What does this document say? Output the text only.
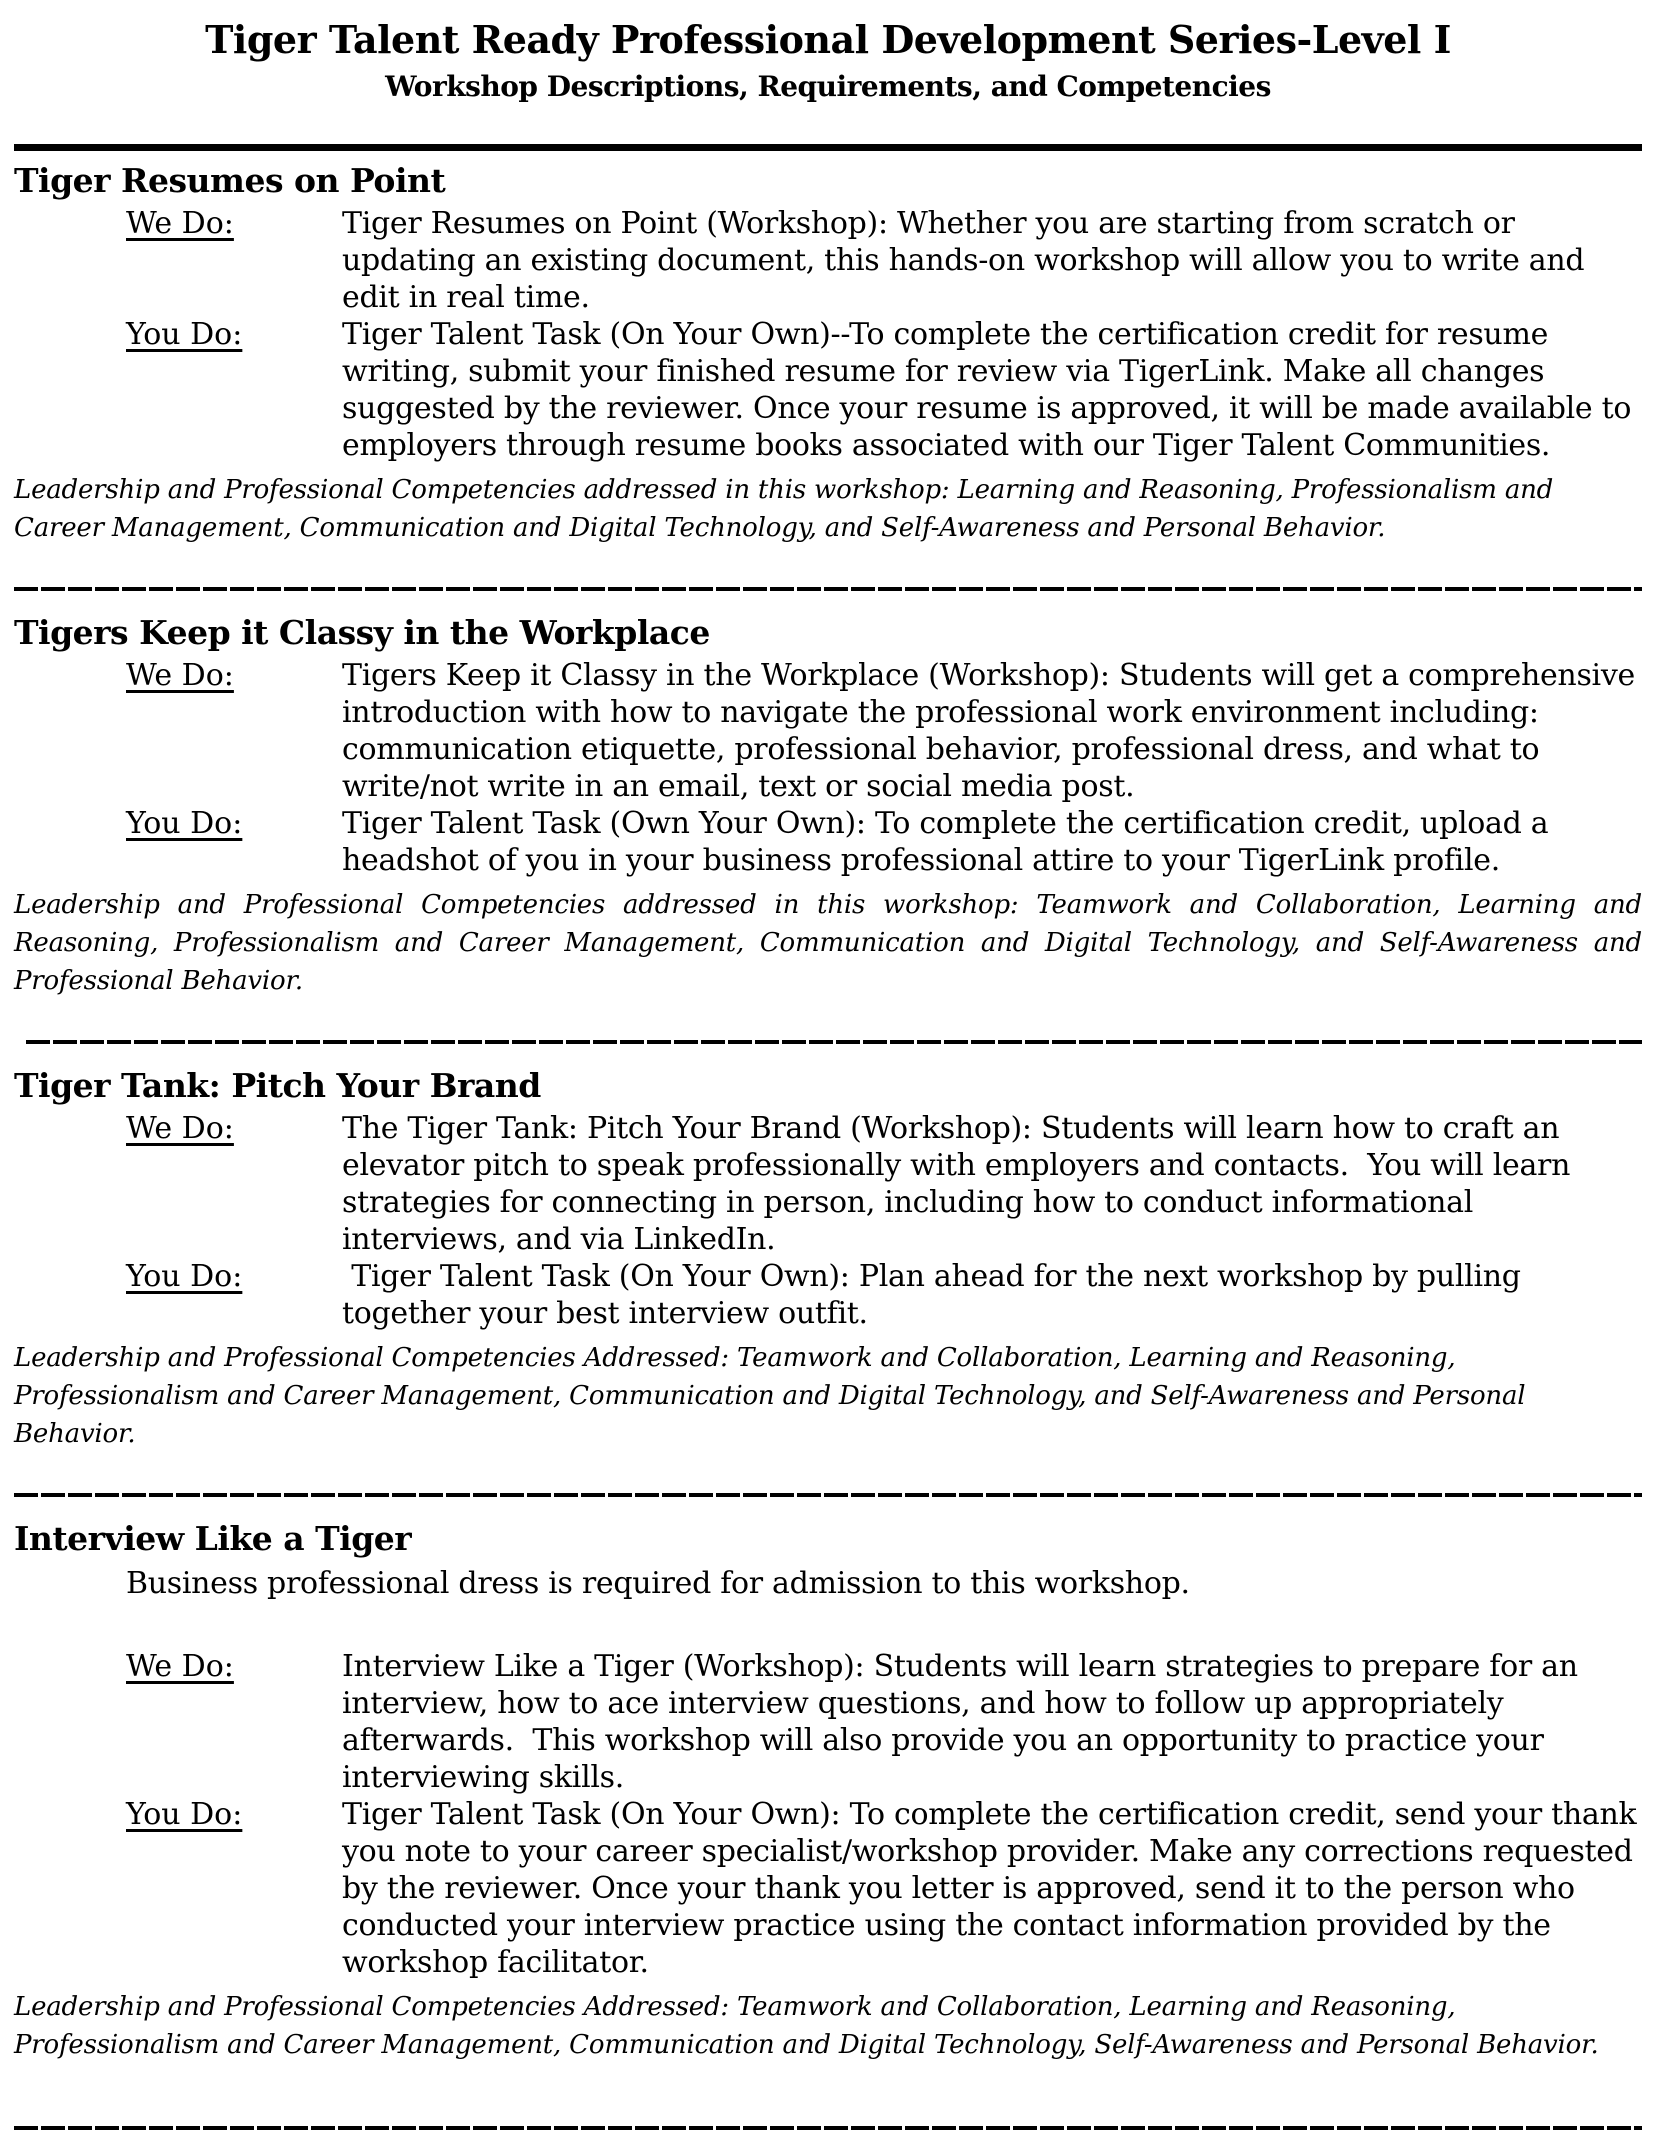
Tiger Talent Ready Professional Development Series-Level I
Workshop Descriptions, Requirements, and Competencies
Tiger Resumes on Point
We Do:	Tiger Resumes on Point (Workshop): Whether you are starting from scratch or updating an existing document, this hands-on workshop will allow you to write and edit in real time.
You Do:	Tiger Talent Task (On Your Own)--To complete the certification credit for resume writing, submit your finished resume for review via TigerLink. Make all changes suggested by the reviewer. Once your resume is approved, it will be made available to employers through resume books associated with our Tiger Talent Communities.

Leadership and Professional Competencies addressed in this workshop: Learning and Reasoning, Professionalism and Career Management, Communication and Digital Technology, and Self-Awareness and Personal Behavior.

Tigers Keep it Classy in the Workplace
We Do:	Tigers Keep it Classy in the Workplace (Workshop): Students will get a comprehensive introduction with how to navigate the professional work environment including: communication etiquette, professional behavior, professional dress, and what to write/not write in an email, text or social media post.
You Do:	Tiger Talent Task (Own Your Own): To complete the certification credit, upload a headshot of you in your business professional attire to your TigerLink profile.

Leadership and Professional Competencies addressed in this workshop: Teamwork and Collaboration, Learning and Reasoning, Professionalism and Career Management, Communication and Digital Technology, and Self-Awareness and Professional Behavior.

Tiger Tank: Pitch Your Brand
We Do:	The Tiger Tank: Pitch Your Brand (Workshop): Students will learn how to craft an elevator pitch to speak professionally with employers and contacts.  You will learn strategies for connecting in person, including how to conduct informational interviews, and via LinkedIn.
You Do:	Tiger Talent Task (On Your Own): Plan ahead for the next workshop by pulling together your best interview outfit.

Leadership and Professional Competencies Addressed: Teamwork and Collaboration, Learning and Reasoning, Professionalism and Career Management, Communication and Digital Technology, and Self-Awareness and Personal Behavior.

Interview Like a Tiger

Business professional dress is required for admission to this workshop.

We Do:	Interview Like a Tiger (Workshop): Students will learn strategies to prepare for an interview, how to ace interview questions, and how to follow up appropriately afterwards.  This workshop will also provide you an opportunity to practice your interviewing skills.
You Do:	Tiger Talent Task (On Your Own): To complete the certification credit, send your thank you note to your career specialist/workshop provider. Make any corrections requested by the reviewer. Once your thank you letter is approved, send it to the person who conducted your interview practice using the contact information provided by the workshop facilitator.

Leadership and Professional Competencies Addressed: Teamwork and Collaboration, Learning and Reasoning, Professionalism and Career Management, Communication and Digital Technology, Self-Awareness and Personal Behavior.
